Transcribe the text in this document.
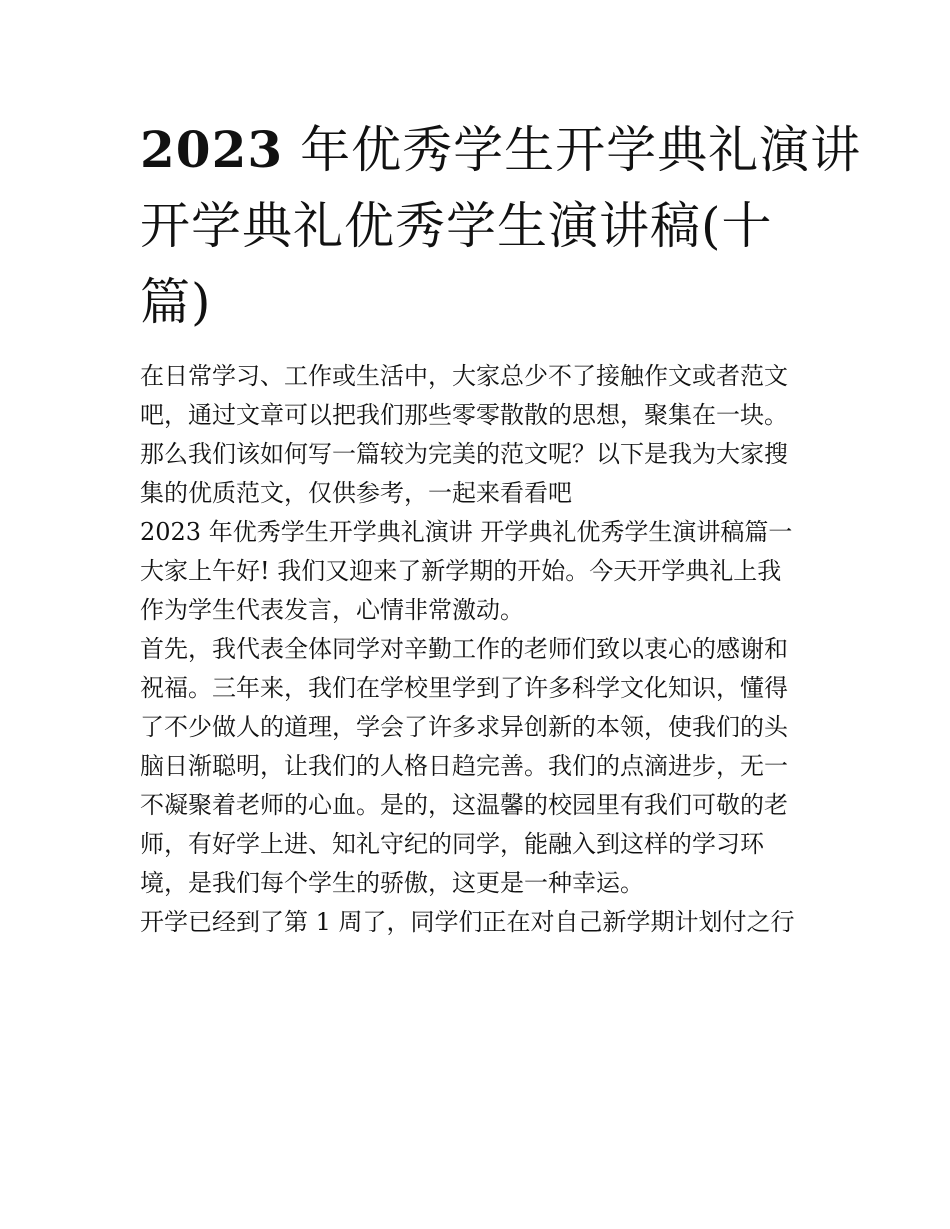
2023 年优秀学生开学典礼演讲
开学典礼优秀学生演讲稿(十
篇)

在日常学习、工作或生活中，大家总少不了接触作文或者范文
吧，通过文章可以把我们那些零零散散的思想，聚集在一块。
那么我们该如何写一篇较为完美的范文呢？以下是我为大家搜
集的优质范文，仅供参考，一起来看看吧

2023 年优秀学生开学典礼演讲 开学典礼优秀学生演讲稿篇一

大家上午好! 我们又迎来了新学期的开始。今天开学典礼上我
作为学生代表发言，心情非常激动。

首先，我代表全体同学对辛勤工作的老师们致以衷心的感谢和
祝福。三年来，我们在学校里学到了许多科学文化知识，懂得
了不少做人的道理，学会了许多求异创新的本领，使我们的头
脑日渐聪明，让我们的人格日趋完善。我们的点滴进步，无一
不凝聚着老师的心血。是的，这温馨的校园里有我们可敬的老
师，有好学上进、知礼守纪的同学，能融入到这样的学习环
境，是我们每个学生的骄傲，这更是一种幸运。

开学已经到了第 1 周了，同学们正在对自己新学期计划付之行
